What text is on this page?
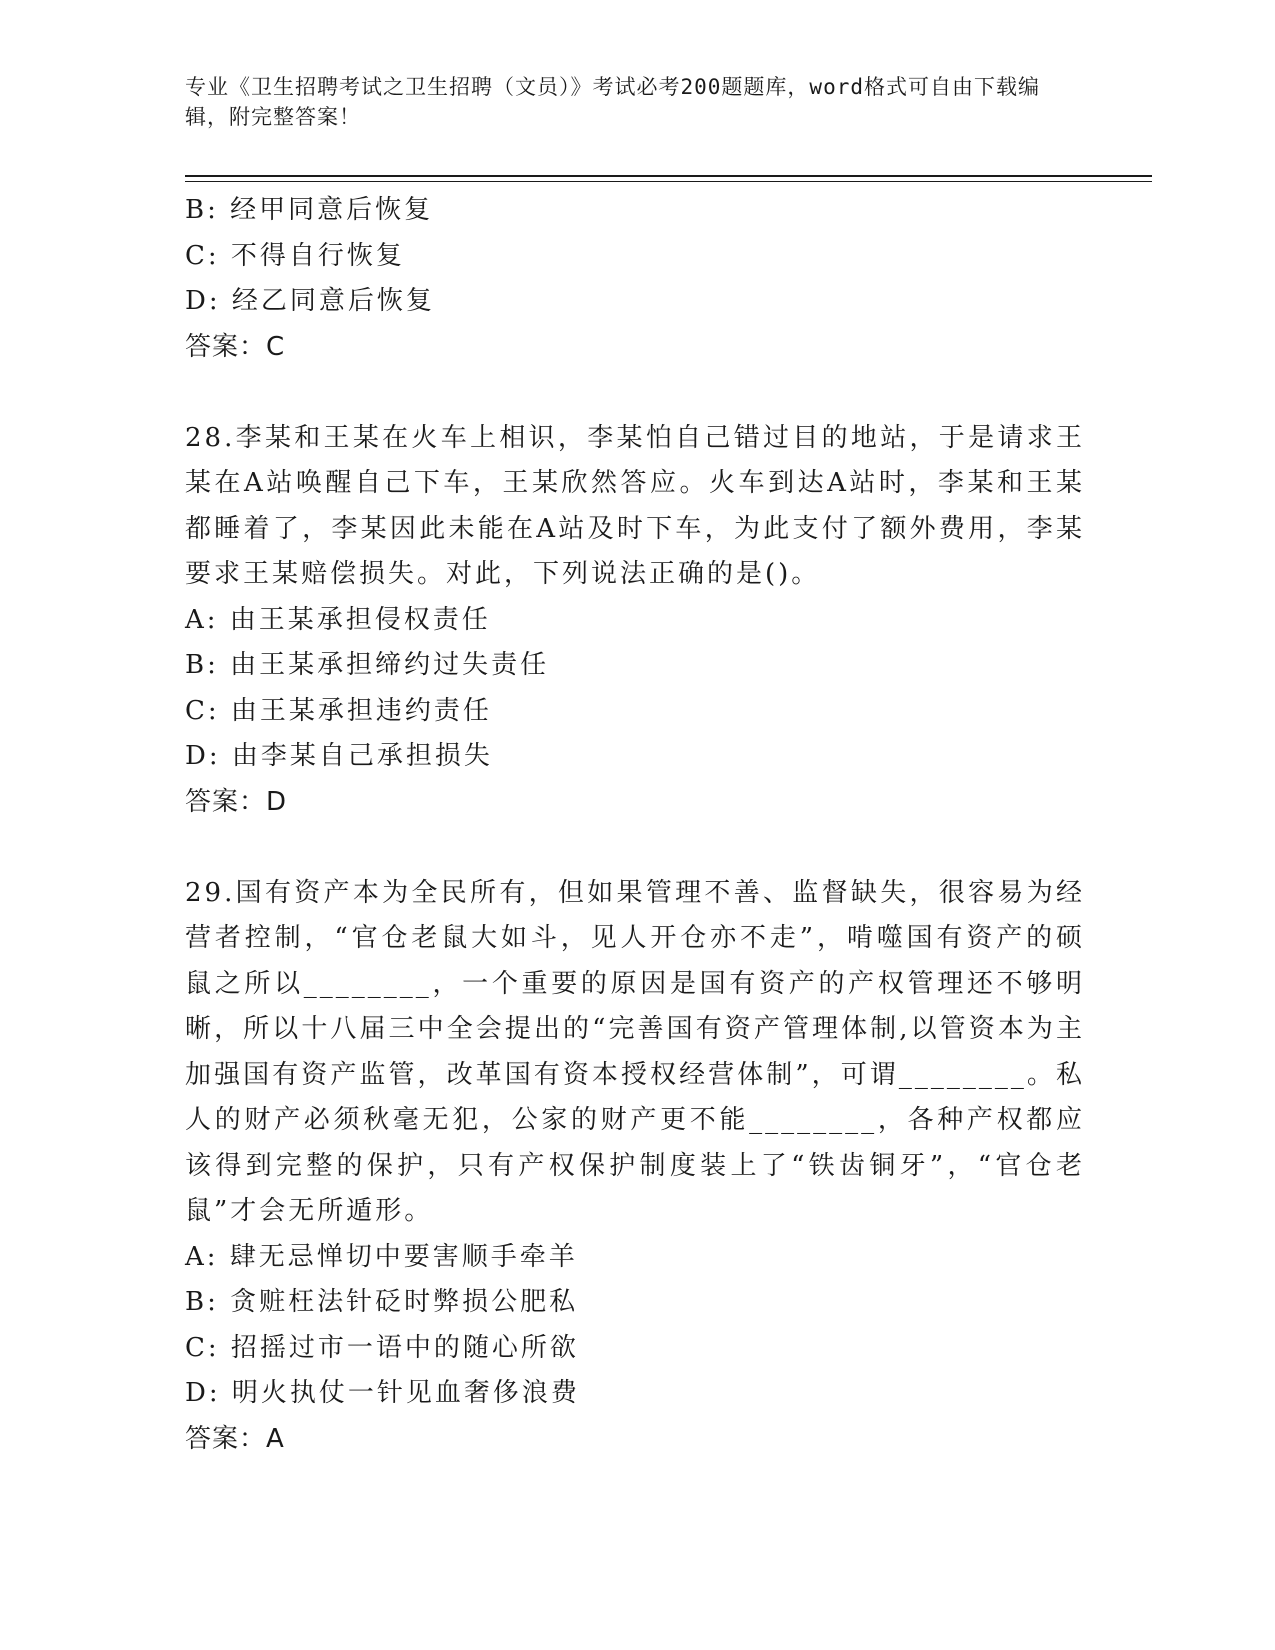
专业《卫生招聘考试之卫生招聘（文员）》考试必考200题题库，word格式可自由下载编辑，附完整答案！
B: 经甲同意后恢复
C: 不得自行恢复
D: 经乙同意后恢复
答案：C
28.李某和王某在火车上相识，李某怕自己错过目的地站，于是请求王某在A站唤醒自己下车，王某欣然答应。火车到达A站时，李某和王某都睡着了，李某因此未能在A站及时下车，为此支付了额外费用，李某要求王某赔偿损失。对此，下列说法正确的是()。
A: 由王某承担侵权责任
B: 由王某承担缔约过失责任
C: 由王某承担违约责任
D: 由李某自己承担损失
答案：D
29.国有资产本为全民所有，但如果管理不善、监督缺失，很容易为经营者控制，“官仓老鼠大如斗，见人开仓亦不走”，啃噬国有资产的硕鼠之所以________，一个重要的原因是国有资产的产权管理还不够明晰，所以十八届三中全会提出的“完善国有资产管理体制,以管资本为主加强国有资产监管，改革国有资本授权经营体制”，可谓________。私人的财产必须秋毫无犯，公家的财产更不能________，各种产权都应该得到完整的保护，只有产权保护制度装上了“铁齿铜牙”，“官仓老鼠”才会无所遁形。
A: 肆无忌惮切中要害顺手牵羊
B: 贪赃枉法针砭时弊损公肥私
C: 招摇过市一语中的随心所欲
D: 明火执仗一针见血奢侈浪费
答案：A
